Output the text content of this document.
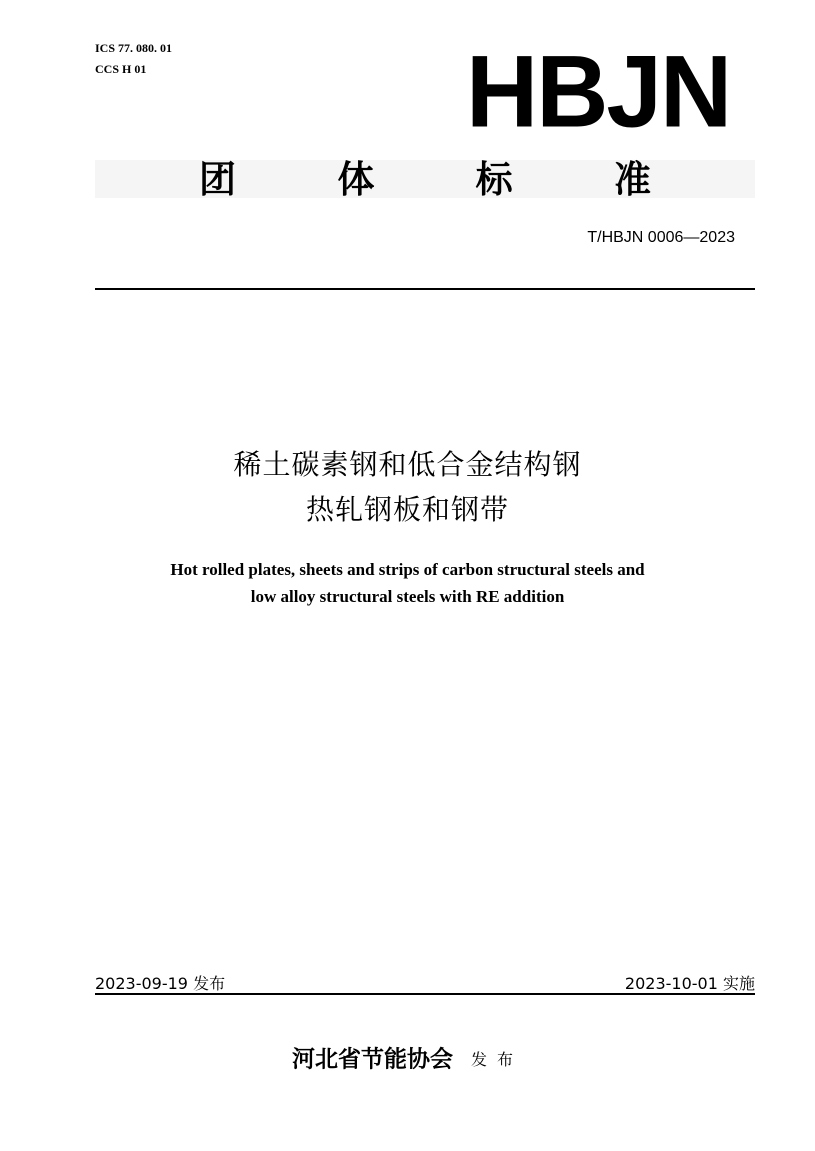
ICS 77. 080. 01
CCS H 01	HBJN
团	体	标	准
T/HBJN 0006—2023
稀土碳素钢和低合金结构钢
热轧钢板和钢带
Hot rolled plates, sheets and strips of carbon structural steels and
low alloy structural steels with RE addition
2023-09-19 发布	2023-10-01 实施
河北省节能协会 发布
